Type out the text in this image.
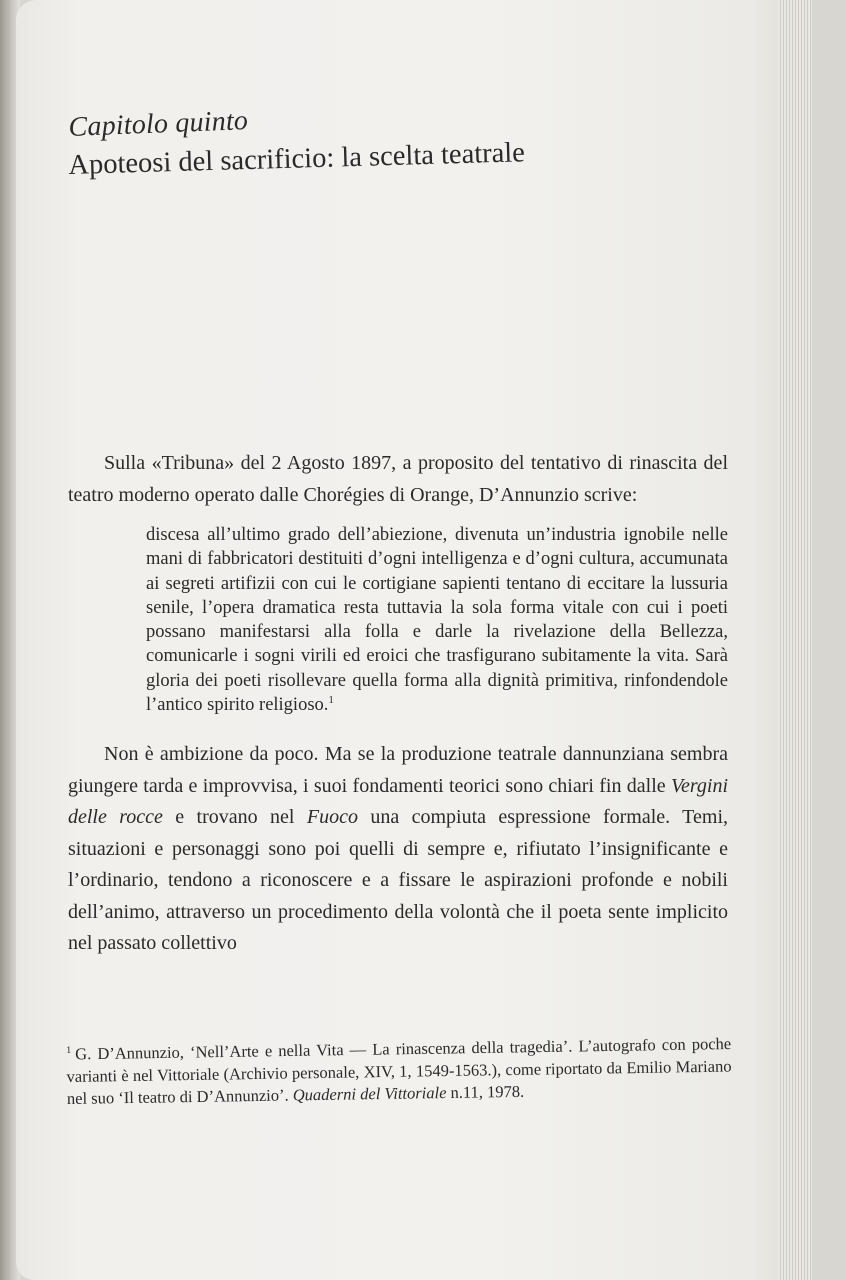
Capitolo quinto
Apoteosi del sacrificio: la scelta teatrale

Sulla «Tribuna» del 2 Agosto 1897, a proposito del tentativo di rinascita del teatro moderno operato dalle Chorégies di Orange, D’Annunzio scrive:

discesa all’ultimo grado dell’abiezione, divenuta un’industria ignobile nelle mani di fabbricatori destituiti d’ogni intelligenza e d’ogni cultura, accumunata ai segreti artifizii con cui le cortigiane sapienti tentano di eccitare la lussuria senile, l’opera dramatica resta tuttavia la sola forma vitale con cui i poeti possano manifestarsi alla folla e darle la rivelazione della Bellezza, comunicarle i sogni virili ed eroici che trasfigurano subitamente la vita. Sarà gloria dei poeti risollevare quella forma alla dignità primitiva, rinfondendole l’antico spirito religioso.$^1$

Non è ambizione da poco. Ma se la produzione teatrale dannunziana sembra giungere tarda e improvvisa, i suoi fondamenti teorici sono chiari fin dalle Vergini delle rocce e trovano nel Fuoco una compiuta espressione formale. Temi, situazioni e personaggi sono poi quelli di sempre e, rifiutato l’insignificante e l’ordinario, tendono a riconoscere e a fissare le aspirazioni profonde e nobili dell’animo, attraverso un procedimento della volontà che il poeta sente implicito nel passato collettivo

$^1$ G. D’Annunzio, ‘Nell’Arte e nella Vita — La rinascenza della tragedia’. L’autografo con poche varianti è nel Vittoriale (Archivio personale, XIV, 1, 1549-1563.), come riportato da Emilio Mariano nel suo ‘Il teatro di D’Annunzio’. Quaderni del Vittoriale n.11, 1978.
